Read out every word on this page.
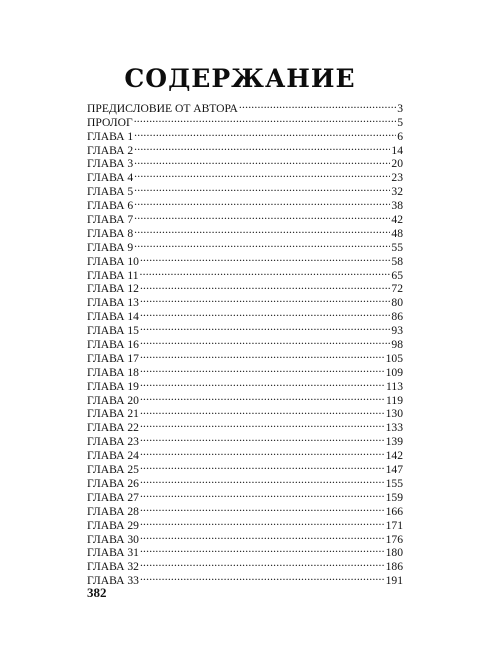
СОДЕРЖАНИЕ
ПРЕДИСЛОВИЕ ОТ АВТОРА .....	3
ПРОЛОГ .....	5
ГЛАВА 1 .....	6
ГЛАВА 2 .....	14
ГЛАВА 3 .....	20
ГЛАВА 4 .....	23
ГЛАВА 5 .....	32
ГЛАВА 6 .....	38
ГЛАВА 7 .....	42
ГЛАВА 8 .....	48
ГЛАВА 9 .....	55
ГЛАВА 10 .....	58
ГЛАВА 11 .....	65
ГЛАВА 12 .....	72
ГЛАВА 13 .....	80
ГЛАВА 14 .....	86
ГЛАВА 15 .....	93
ГЛАВА 16 .....	98
ГЛАВА 17 .....	105
ГЛАВА 18 .....	109
ГЛАВА 19 .....	113
ГЛАВА 20 .....	119
ГЛАВА 21 .....	130
ГЛАВА 22 .....	133
ГЛАВА 23 .....	139
ГЛАВА 24 .....	142
ГЛАВА 25 .....	147
ГЛАВА 26 .....	155
ГЛАВА 27 .....	159
ГЛАВА 28 .....	166
ГЛАВА 29 .....	171
ГЛАВА 30 .....	176
ГЛАВА 31 .....	180
ГЛАВА 32 .....	186
ГЛАВА 33 .....	191
382
